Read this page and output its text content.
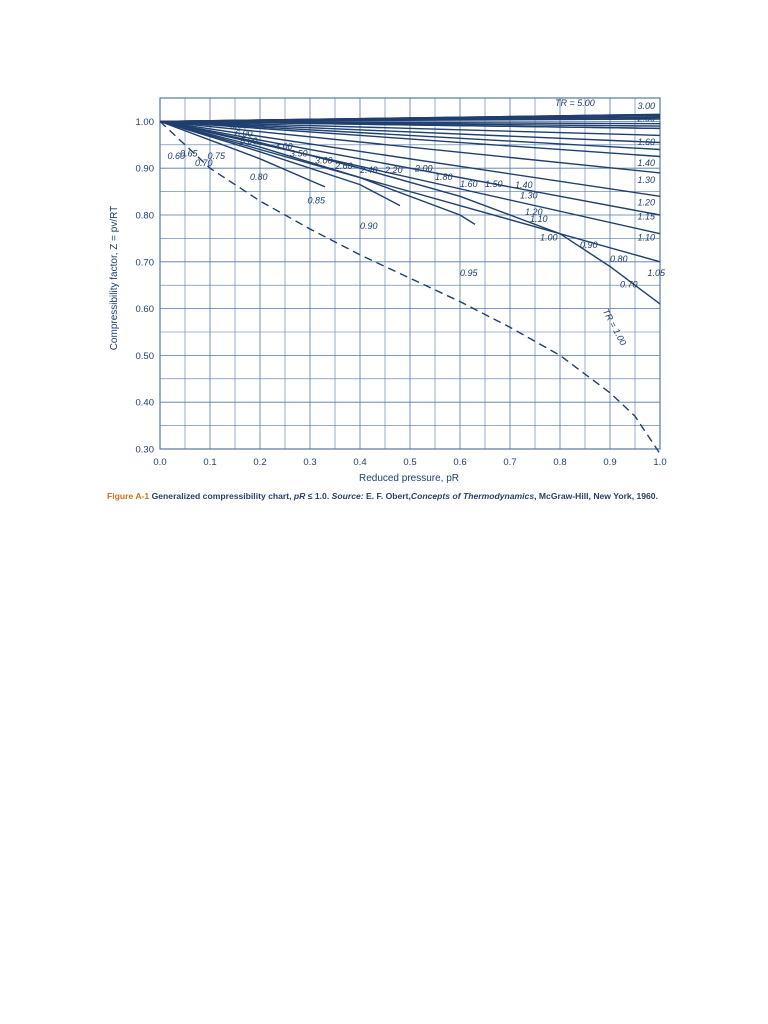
0.0	0.1	0.2	0.3	0.4	0.5	0.6	0.7	0.8	0.9	1.0
0.30
0.40
0.50
0.60
0.70
0.80
0.90
1.00
TR = 5.00	3.00
2.00
1.60
1.40
1.30
1.20
1.15
1.10
1.05
8.00
6.00
5.00
4.00
3.50
3.00
2.60 2.40 2.20 2.00
1.80
1.60 1.50 1.40
1.30
1.20
1.10
1.00
0.90
0.80
0.70
0.60
0.65
0.70
0.75
0.80
0.85
0.90
0.95
TR = 1.00
Reduced pressure, pR
Compressibility factor, Z = pv/RT
Figure A-1 Generalized compressibility chart, pR ≤ 1.0. Source: E. F. Obert,Concepts of Thermodynamics, McGraw-Hill, New York, 1960.
